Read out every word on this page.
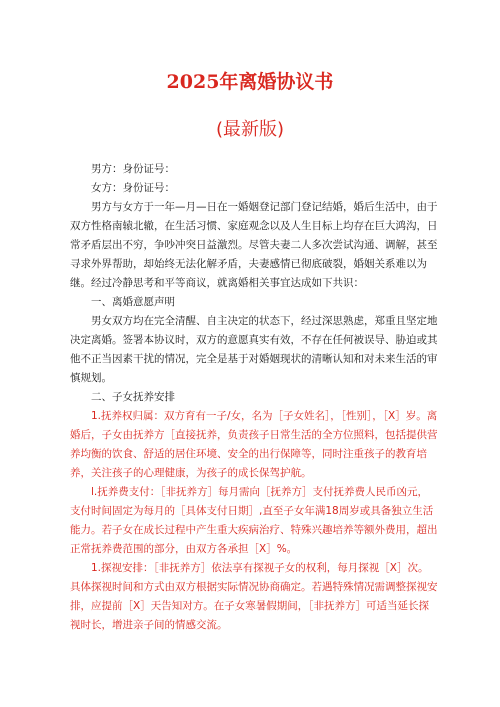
2025年离婚协议书
(最新版)

男方：身份证号：

女方：身份证号：

男方与女方于一年—月—日在一婚姻登记部门登记结婚，婚后生活中，由于双方性格南辕北辙，在生活习惯、家庭观念以及人生目标上均存在巨大鸿沟，日常矛盾层出不穷，争吵冲突日益激烈。尽管夫妻二人多次尝试沟通、调解，甚至寻求外界帮助，却始终无法化解矛盾，夫妻感情已彻底破裂，婚姻关系难以为继。经过冷静思考和平等商议，就离婚相关事宜达成如下共识：

一、离婚意愿声明

男女双方均在完全清醒、自主决定的状态下，经过深思熟虑，郑重且坚定地决定离婚。签署本协议时，双方的意愿真实有效，不存在任何被误导、胁迫或其他不正当因素干扰的情况，完全是基于对婚姻现状的清晰认知和对未来生活的审慎规划。

二、子女抚养安排

1.抚养权归属：双方育有一子/女，名为［子女姓名］，［性别］，［X］岁。离婚后，子女由抚养方［直接抚养，负责孩子日常生活的全方位照料，包括提供营养均衡的饮食、舒适的居住环境、安全的出行保障等，同时注重孩子的教育培养，关注孩子的心理健康，为孩子的成长保驾护航。

l.抚养费支付：［非抚养方］每月需向［抚养方］支付抚养费人民币凶元，支付时间固定为每月的［具体支付日期］,直至子女年满18周岁或具备独立生活能力。若子女在成长过程中产生重大疾病治疗、特殊兴趣培养等额外费用，超出正常抚养费范围的部分，由双方各承担［X］%。

1.探视安排：［非抚养方］依法享有探视子女的权利，每月探视［X］次。具体探视时间和方式由双方根据实际情况协商确定。若遇特殊情况需调整探视安排，应提前［X］天告知对方。在子女寒暑假期间，［非抚养方］可适当延长探视时长，增进亲子间的情感交流。
